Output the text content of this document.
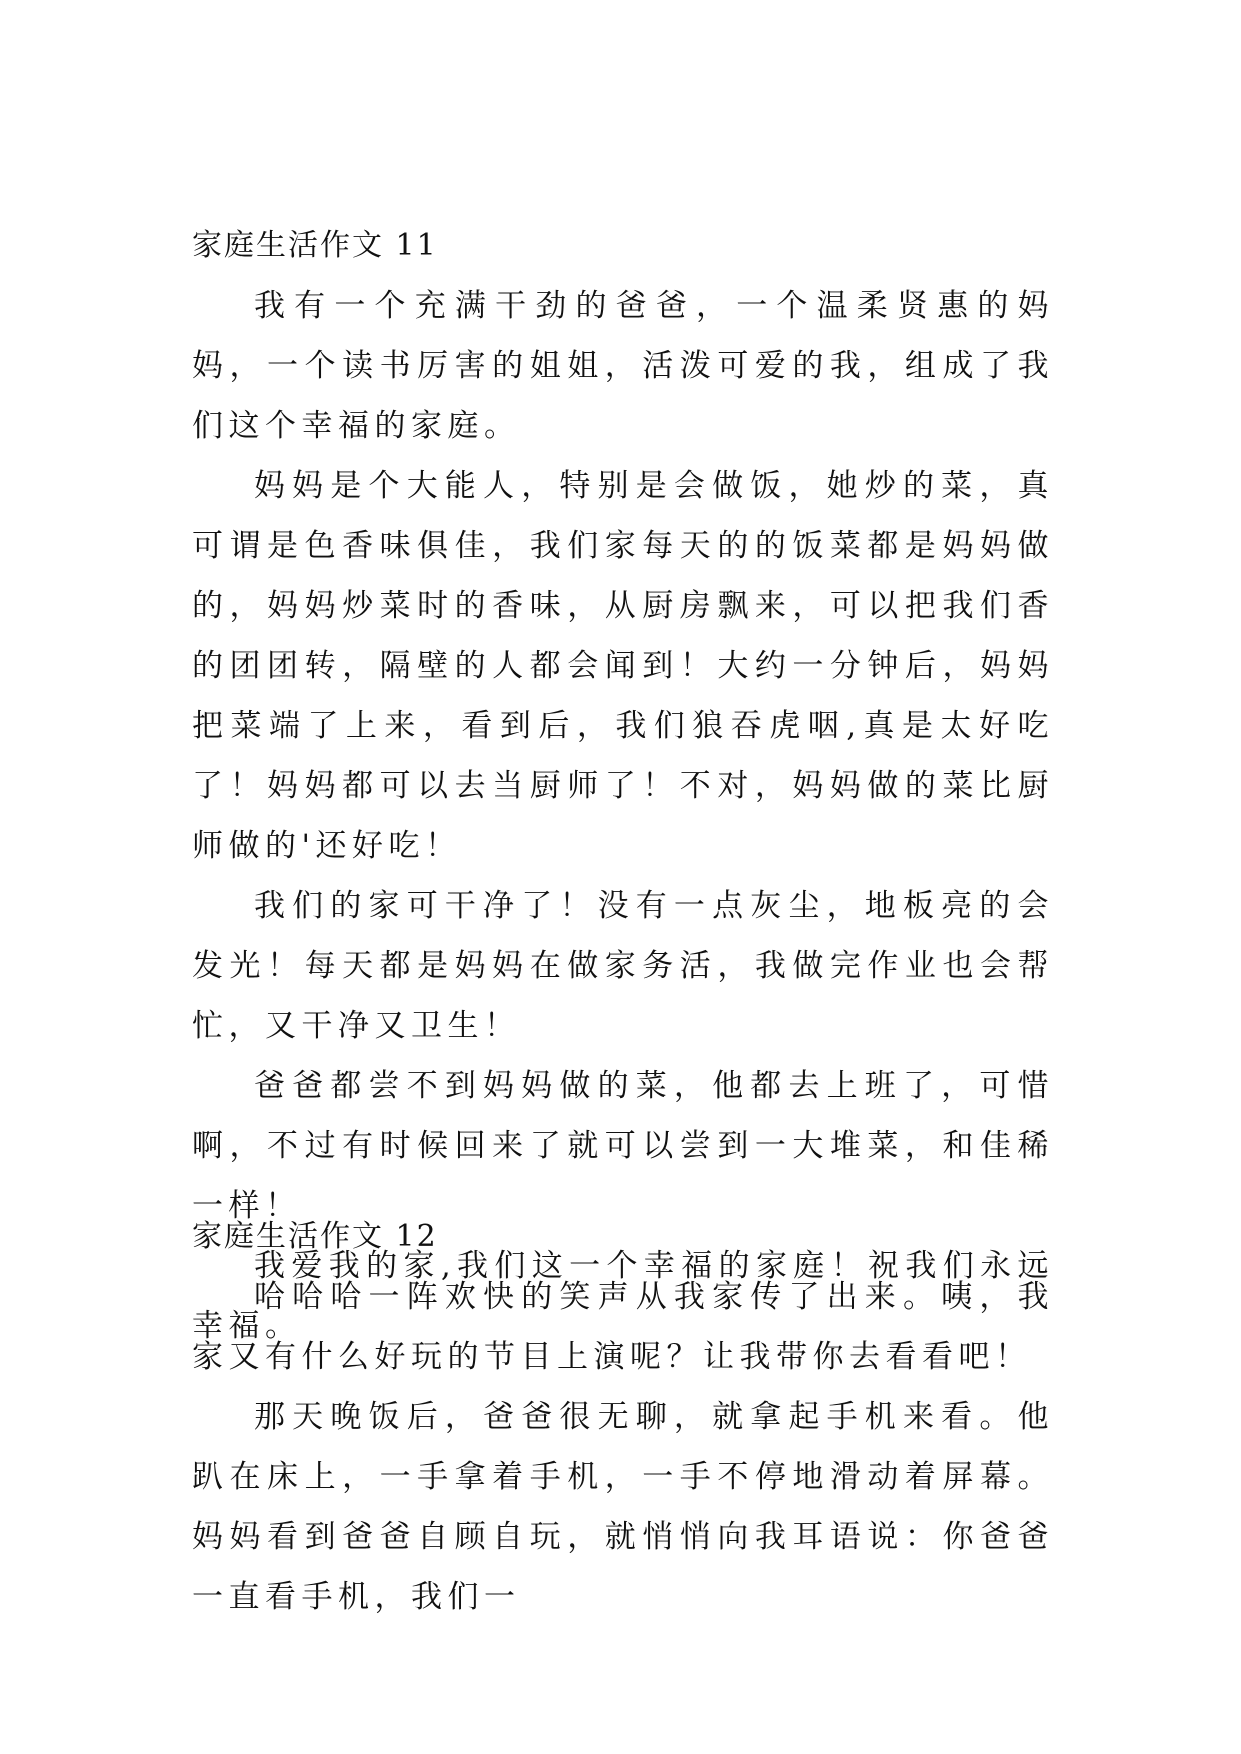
家庭生活作文 11

我有一个充满干劲的爸爸，一个温柔贤惠的妈妈，一个读书厉害的姐姐，活泼可爱的我，组成了我们这个幸福的家庭。

妈妈是个大能人，特别是会做饭，她炒的菜，真可谓是色香味俱佳，我们家每天的的饭菜都是妈妈做的，妈妈炒菜时的香味，从厨房飘来，可以把我们香的团团转，隔壁的人都会闻到！大约一分钟后，妈妈把菜端了上来，看到后，我们狼吞虎咽,真是太好吃了！妈妈都可以去当厨师了！不对，妈妈做的菜比厨师做的'还好吃！

我们的家可干净了！没有一点灰尘，地板亮的会发光！每天都是妈妈在做家务活，我做完作业也会帮忙，又干净又卫生！

爸爸都尝不到妈妈做的菜，他都去上班了，可惜啊，不过有时候回来了就可以尝到一大堆菜，和佳稀一样！

我爱我的家,我们这一个幸福的家庭！祝我们永远幸福。

家庭生活作文 12

哈哈哈一阵欢快的笑声从我家传了出来。咦，我家又有什么好玩的节目上演呢？让我带你去看看吧！

那天晚饭后，爸爸很无聊，就拿起手机来看。他趴在床上，一手拿着手机，一手不停地滑动着屏幕。妈妈看到爸爸自顾自玩，就悄悄向我耳语说：你爸爸一直看手机，我们一
